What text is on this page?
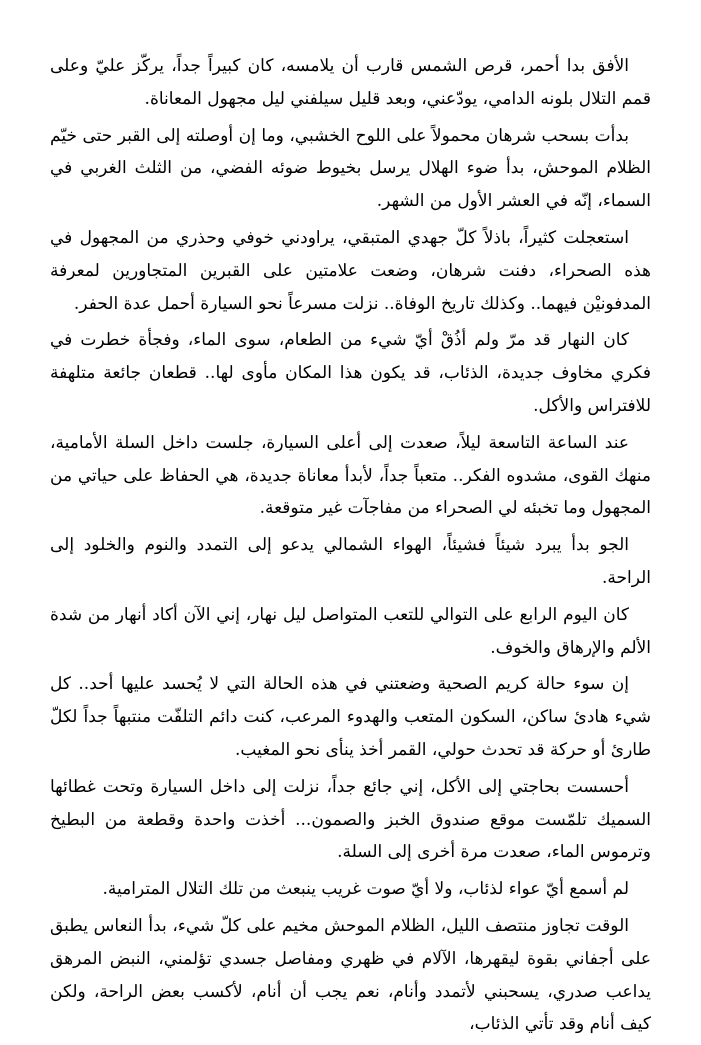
الأفق بدا أحمر، قرص الشمس قارب أن يلامسه، كان كبيراً جداً، يركّز عليّ وعلى قمم التلال بلونه الدامي، يودّعني، وبعد قليل سيلفني ليل مجهول المعاناة.

بدأت بسحب شرهان محمولاً على اللوح الخشبي، وما إن أوصلته إلى القبر حتى خيّم الظلام الموحش، بدأ ضوء الهلال يرسل بخيوط ضوئه الفضي، من الثلث الغربي في السماء، إنّه في العشر الأول من الشهر.

استعجلت كثيراً، باذلاً كلّ جهدي المتبقي، يراودني خوفي وحذري من المجهول في هذه الصحراء، دفنت شرهان، وضعت علامتين على القبرين المتجاورين لمعرفة المدفونيْن فيهما.. وكذلك تاريخ الوفاة.. نزلت مسرعاً نحو السيارة أحمل عدة الحفر.

كان النهار قد مرّ ولم أذُقْ أيّ شيء من الطعام، سوى الماء، وفجأة خطرت في فكري مخاوف جديدة، الذئاب، قد يكون هذا المكان مأوى لها.. قطعان جائعة متلهفة للافتراس والأكل.

عند الساعة التاسعة ليلاً، صعدت إلى أعلى السيارة، جلست داخل السلة الأمامية، منهك القوى، مشدوه الفكر.. متعباً جداً، لأبدأ معاناة جديدة، هي الحفاظ على حياتي من المجهول وما تخبئه لي الصحراء من مفاجآت غير متوقعة.

الجو بدأ يبرد شيئاً فشيئاً، الهواء الشمالي يدعو إلى التمدد والنوم والخلود إلى الراحة.

كان اليوم الرابع على التوالي للتعب المتواصل ليل نهار، إني الآن أكاد أنهار من شدة الألم والإرهاق والخوف.

إن سوء حالة كريم الصحية وضعتني في هذه الحالة التي لا يُحسد عليها أحد.. كل شيء هادئ ساكن، السكون المتعب والهدوء المرعب، كنت دائم التلفّت منتبهاً جداً لكلّ طارئ أو حركة قد تحدث حولي، القمر أخذ ينأى نحو المغيب.

أحسست بحاجتي إلى الأكل، إني جائع جداً، نزلت إلى داخل السيارة وتحت غطائها السميك تلمّست موقع صندوق الخبز والصمون... أخذت واحدة وقطعة من البطيخ وترموس الماء، صعدت مرة أخرى إلى السلة.

لم أسمع أيّ عواء لذئاب، ولا أيّ صوت غريب ينبعث من تلك التلال المترامية.

الوقت تجاوز منتصف الليل، الظلام الموحش مخيم على كلّ شيء، بدأ النعاس يطبق على أجفاني بقوة ليقهرها، الآلام في ظهري ومفاصل جسدي تؤلمني، النبض المرهق يداعب صدري، يسحبني لأتمدد وأنام، نعم يجب أن أنام، لأكسب بعض الراحة، ولكن كيف أنام وقد تأتي الذئاب،
